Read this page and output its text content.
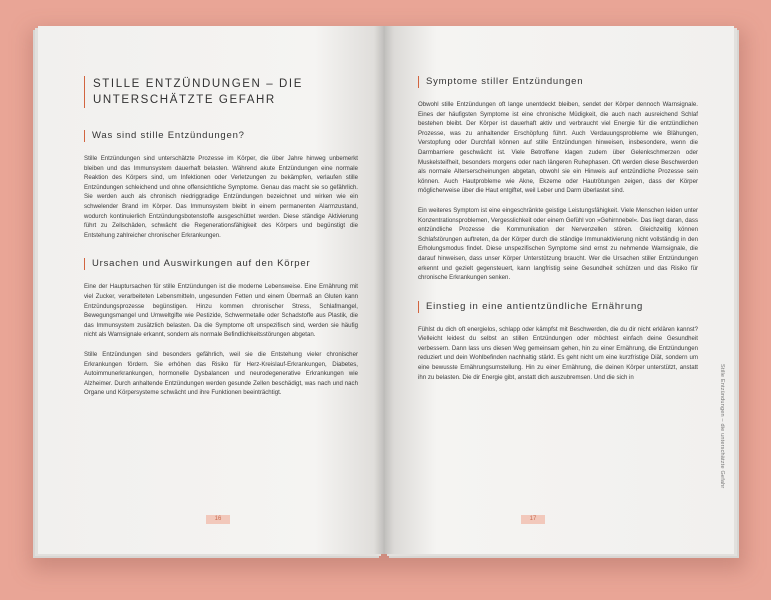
STILLE ENTZÜNDUNGEN – DIE UNTERSCHÄTZTE GEFAHR
Was sind stille Entzündungen?

Stille Entzündungen sind unterschätzte Prozesse im Körper, die über Jahre hinweg unbemerkt bleiben und das Immunsystem dauerhaft belasten. Während akute Entzündungen eine normale Reaktion des Körpers sind, um Infektionen oder Verletzungen zu bekämpfen, verlaufen stille Entzündungen schleichend und ohne offensichtliche Symptome. Genau das macht sie so gefährlich. Sie werden auch als chronisch niedriggradige Entzündungen bezeichnet und wirken wie ein schwelender Brand im Körper. Das Immunsystem bleibt in einem permanenten Alarmzustand, wodurch kontinuierlich Entzündungsbotenstoffe ausgeschüttet werden. Diese ständige Aktivierung führt zu Zellschäden, schwächt die Regenerationsfähigkeit des Körpers und begünstigt die Entstehung zahlreicher chronischer Erkrankungen.

Ursachen und Auswirkungen auf den Körper

Eine der Hauptursachen für stille Entzündungen ist die moderne Lebensweise. Eine Ernährung mit viel Zucker, verarbeiteten Lebensmitteln, ungesunden Fetten und einem Übermaß an Gluten kann Entzündungsprozesse begünstigen. Hinzu kommen chronischer Stress, Schlafmangel, Bewegungsmangel und Umweltgifte wie Pestizide, Schwermetalle oder Schadstoffe aus Plastik, die das Immunsystem zusätzlich belasten. Da die Symptome oft unspezifisch sind, werden sie häufig nicht als Warnsignale erkannt, sondern als normale Befindlichkeitsstörungen abgetan.

Stille Entzündungen sind besonders gefährlich, weil sie die Entstehung vieler chronischer Erkrankungen fördern. Sie erhöhen das Risiko für Herz-Kreislauf-Erkrankungen, Diabetes, Autoimmunerkrankungen, hormonelle Dysbalancen und neurodegenerative Erkrankungen wie Alzheimer. Durch anhaltende Entzündungen werden gesunde Zellen beschädigt, was nach und nach Organe und Körpersysteme schwächt und ihre Funktionen beeinträchtigt.

16
Symptome stiller Entzündungen

Obwohl stille Entzündungen oft lange unentdeckt bleiben, sendet der Körper dennoch Warnsignale. Eines der häufigsten Symptome ist eine chronische Müdigkeit, die auch nach ausreichend Schlaf bestehen bleibt. Der Körper ist dauerhaft aktiv und verbraucht viel Energie für die entzündlichen Prozesse, was zu anhaltender Erschöpfung führt. Auch Verdauungsprobleme wie Blähungen, Verstopfung oder Durchfall können auf stille Entzündungen hinweisen, insbesondere, wenn die Darmbarriere geschwächt ist. Viele Betroffene klagen zudem über Gelenkschmerzen oder Muskelsteifheit, besonders morgens oder nach längeren Ruhephasen. Oft werden diese Beschwerden als normale Alterserscheinungen abgetan, obwohl sie ein Hinweis auf entzündliche Prozesse sein können. Auch Hautprobleme wie Akne, Ekzeme oder Hautrötungen zeigen, dass der Körper möglicherweise über die Haut entgiftet, weil Leber und Darm überlastet sind.

Ein weiteres Symptom ist eine eingeschränkte geistige Leistungsfähigkeit. Viele Menschen leiden unter Konzentrationsproblemen, Vergesslichkeit oder einem Gefühl von »Gehirnnebel«. Das liegt daran, dass entzündliche Prozesse die Kommunikation der Nervenzellen stören. Gleichzeitig können Schlafstörungen auftreten, da der Körper durch die ständige Immunaktivierung nicht vollständig in den Erholungsmodus findet. Diese unspezifischen Symptome sind ernst zu nehmende Warnsignale, die darauf hinweisen, dass unser Körper Unterstützung braucht. Wer die Ursachen stiller Entzündungen erkennt und gezielt gegensteuert, kann langfristig seine Gesundheit schützen und das Risiko für chronische Erkrankungen senken.

Einstieg in eine antientzündliche Ernährung

Fühlst du dich oft energielos, schlapp oder kämpfst mit Beschwerden, die du dir nicht erklären kannst? Vielleicht leidest du selbst an stillen Entzündungen oder möchtest einfach deine Gesundheit verbessern. Dann lass uns diesen Weg gemeinsam gehen, hin zu einer Ernährung, die Entzündungen reduziert und dein Wohlbefinden nachhaltig stärkt. Es geht nicht um eine kurzfristige Diät, sondern um eine bewusste Ernährungsumstellung. Hin zu einer Ernährung, die deinen Körper unterstützt, anstatt ihn zu belasten. Die dir Energie gibt, anstatt dich auszubremsen. Und die sich in

17
Stille Entzündungen – die unterschätzte Gefahr
